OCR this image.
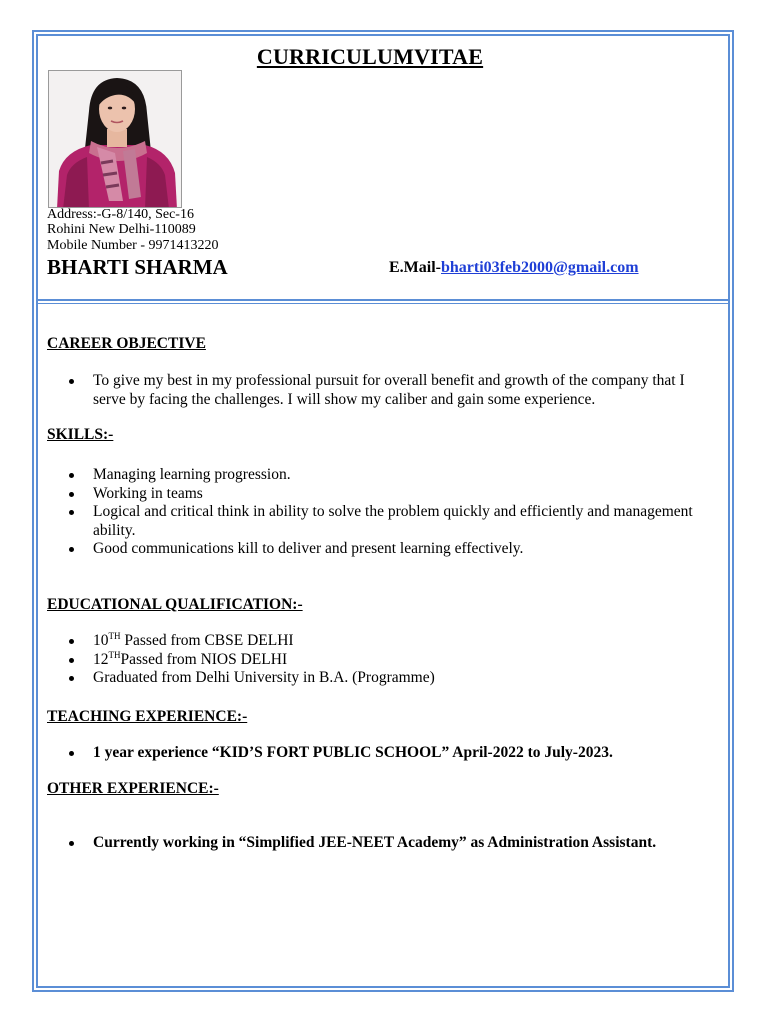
CURRICULUMVITAE
Address:-G-8/140, Sec-16
Rohini New Delhi-110089
Mobile Number - 9971413220
BHARTI SHARMA	E.Mail-bharti03feb2000@gmail.com
CAREER OBJECTIVE
To give my best in my professional pursuit for overall benefit and growth of the company that I serve by facing the challenges. I will show my caliber and gain some experience.
SKILLS:-
Managing learning progression.
Working in teams
Logical and critical think in ability to solve the problem quickly and efficiently and management ability.
Good communications kill to deliver and present learning effectively.
EDUCATIONAL QUALIFICATION:-
10TH Passed from CBSE DELHI
12THPassed from NIOS DELHI
Graduated from Delhi University in B.A. (Programme)
TEACHING EXPERIENCE:-
1 year experience “KID’S FORT PUBLIC SCHOOL” April-2022 to July-2023.
OTHER EXPERIENCE:-
Currently working in “Simplified JEE-NEET Academy” as Administration Assistant.
